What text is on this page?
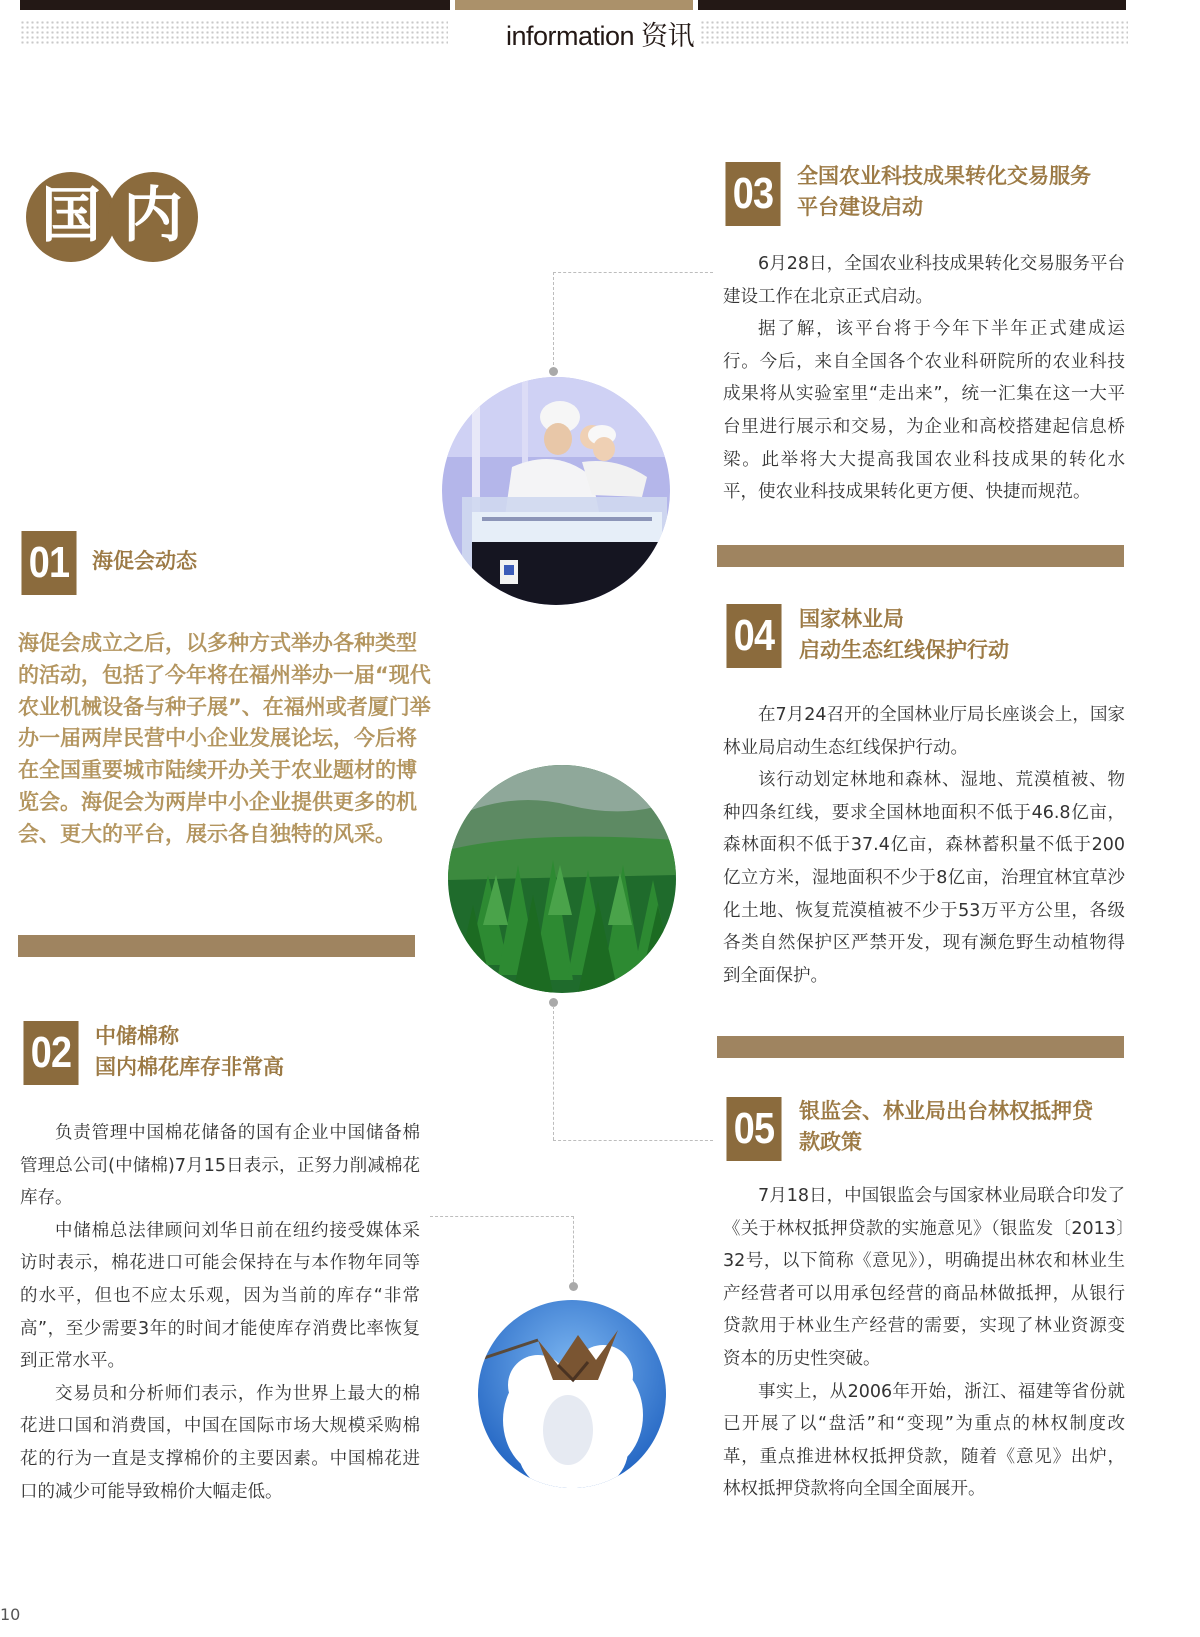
information 资讯
国 内
01	海促会动态
海促会成立之后，以多种方式举办各种类型的活动，包括了今年将在福州举办一届“现代农业机械设备与种子展”、在福州或者厦门举办一届两岸民营中小企业发展论坛，今后将在全国重要城市陆续开办关于农业题材的博览会。海促会为两岸中小企业提供更多的机会、更大的平台，展示各自独特的风采。
02	中储棉称
国内棉花库存非常高

负责管理中国棉花储备的国有企业中国储备棉管理总公司(中储棉)7月15日表示，正努力削减棉花库存。

中储棉总法律顾问刘华日前在纽约接受媒体采访时表示，棉花进口可能会保持在与本作物年同等的水平，但也不应太乐观，因为当前的库存“非常高”，至少需要3年的时间才能使库存消费比率恢复到正常水平。

交易员和分析师们表示，作为世界上最大的棉花进口国和消费国，中国在国际市场大规模采购棉花的行为一直是支撑棉价的主要因素。中国棉花进口的减少可能导致棉价大幅走低。

03	全国农业科技成果转化交易服务
平台建设启动

6月28日，全国农业科技成果转化交易服务平台建设工作在北京正式启动。

据了解，该平台将于今年下半年正式建成运行。今后，来自全国各个农业科研院所的农业科技成果将从实验室里“走出来”，统一汇集在这一大平台里进行展示和交易，为企业和高校搭建起信息桥梁。此举将大大提高我国农业科技成果的转化水平，使农业科技成果转化更方便、快捷而规范。

04	国家林业局
启动生态红线保护行动

在7月24召开的全国林业厅局长座谈会上，国家林业局启动生态红线保护行动。

该行动划定林地和森林、湿地、荒漠植被、物种四条红线，要求全国林地面积不低于46.8亿亩，森林面积不低于37.4亿亩，森林蓄积量不低于200亿立方米，湿地面积不少于8亿亩，治理宜林宜草沙化土地、恢复荒漠植被不少于53万平方公里，各级各类自然保护区严禁开发，现有濒危野生动植物得到全面保护。

05	银监会、林业局出台林权抵押贷
款政策

7月18日，中国银监会与国家林业局联合印发了《关于林权抵押贷款的实施意见》（银监发〔2013〕32号，以下简称《意见》），明确提出林农和林业生产经营者可以用承包经营的商品林做抵押，从银行贷款用于林业生产经营的需要，实现了林业资源变资本的历史性突破。

事实上，从2006年开始，浙江、福建等省份就已开展了以“盘活”和“变现”为重点的林权制度改革，重点推进林权抵押贷款，随着《意见》出炉，林权抵押贷款将向全国全面展开。

10
